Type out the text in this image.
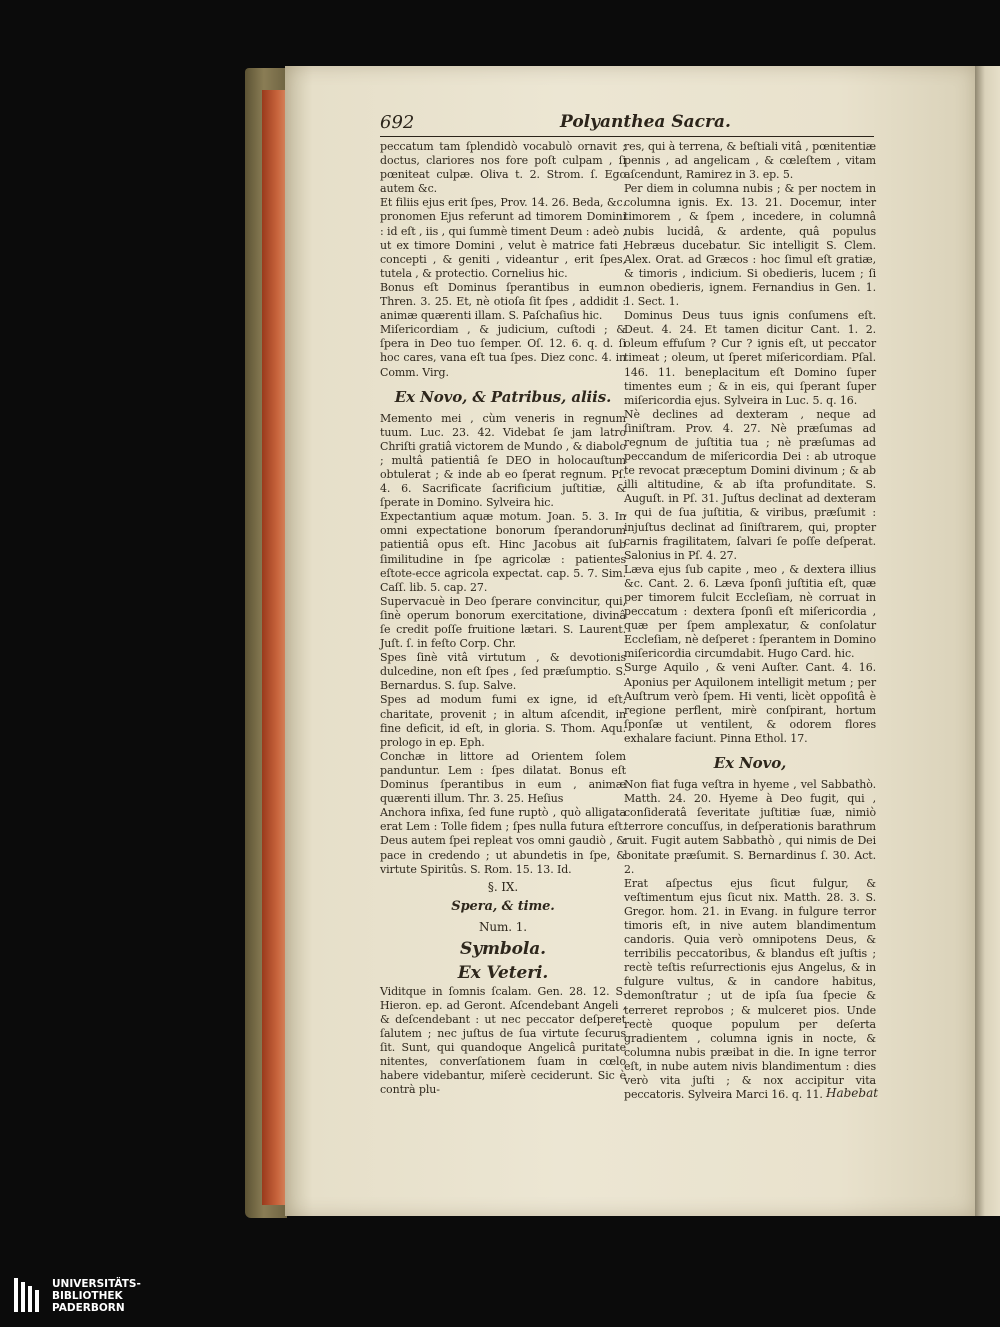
692	Polyanthea Sacra.

peccatum tam ſplendidò vocabulò ornavit ; doctus, clariores nos fore poſt culpam , ſi pœniteat culpæ. Oliva t. 2. Strom. ſ. Ego autem &c.

Et filiis ejus erit ſpes, Prov. 14. 26. Beda, &c. pronomen Ejus referunt ad timorem Domini : id eſt , iis , qui ſummè timent Deum : adeò , ut ex timore Domini , velut è matrice fati , concepti , & geniti , videantur , erit ſpes, tutela , & protectio. Cornelius hic.

Bonus eſt Dominus ſperantibus in eum. Thren. 3. 25. Et, nè otioſa ſit ſpes , addidit : animæ quærenti illam. S. Paſchaſius hic.

Miſericordiam , & judicium, cuſtodi ; & ſpera in Deo tuo ſemper. Oſ. 12. 6. q. d. ſi hoc cares, vana eſt tua ſpes. Diez conc. 4. in Comm. Virg.

Ex Novo, & Patribus, aliis.

Memento mei , cùm veneris in regnum tuum. Luc. 23. 42. Videbat ſe jam latro Chriſti gratiâ victorem de Mundo , & diabolo ; multâ patientiâ ſe DEO in holocauſtum obtulerat ; & inde ab eo ſperat regnum. Pſ. 4. 6. Sacrificate ſacrificium juſtitiæ, & ſperate in Domino. Sylveira hic.

Expectantium aquæ motum. Joan. 5. 3. In omni expectatione bonorum ſperandorum patientiâ opus eſt. Hinc Jacobus ait ſub ſimilitudine in ſpe agricolæ : patientes eſtote-ecce agricola expectat. cap. 5. 7. Sim. Caſſ. lib. 5. cap. 27.

Supervacuè in Deo ſperare convincitur, qui, ſinè operum bonorum exercitatione, divinâ ſe credit poſſe fruitione lætari. S. Laurent. Juſt. ſ. in feſto Corp. Chr.

Spes ſinè vitâ virtutum , & devotionis dulcedine, non eſt ſpes , ſed præſumptio. S. Bernardus. S. ſup. Salve.

Spes ad modum fumi ex igne, id eſt, charitate, provenit ; in altum aſcendit, in fine deficit, id eſt, in gloria. S. Thom. Aqu. prologo in ep. Eph.

Conchæ in littore ad Orientem ſolem panduntur. Lem : ſpes dilatat. Bonus eſt Dominus ſperantibus in eum , animæ quærenti illum. Thr. 3. 25. Heſius

Anchora infixa, ſed fune ruptò , quò alligata erat Lem : Tolle fidem ; ſpes nulla futura eſt. Deus autem ſpei repleat vos omni gaudiò , & pace in credendo ; ut abundetis in ſpe, & virtute Spiritûs. S. Rom. 15. 13. Id.

§. IX.

Spera, & time.

Num. 1.

Symbola.

Ex Veteri.

Viditque in ſomnis ſcalam. Gen. 28. 12. S. Hieron. ep. ad Geront. Aſcendebant Angeli , & deſcendebant : ut nec peccator deſperet ſalutem ; nec juſtus de ſua virtute ſecurus ſit. Sunt, qui quandoque Angelicâ puritate nitentes, converſationem ſuam in cœlo habere videbantur, miſerè ceciderunt. Sic è contrà plu-

res, qui à terrena, & beſtiali vitâ , pœnitentiæ pennis , ad angelicam , & cœleſtem , vitam aſcendunt, Ramirez in 3. ep. 5.

Per diem in columna nubis ; & per noctem in columna ignis. Ex. 13. 21. Docemur, inter timorem , & ſpem , incedere, in columnâ nubis lucidâ, & ardente, quâ populus Hebræus ducebatur. Sic intelligit S. Clem. Alex. Orat. ad Græcos : hoc ſimul eſt gratiæ, & timoris , indicium. Si obedieris, lucem ; ſi non obedieris, ignem. Fernandius in Gen. 1. 1. Sect. 1.

Dominus Deus tuus ignis conſumens eſt. Deut. 4. 24. Et tamen dicitur Cant. 1. 2. oleum effuſum ? Cur ? ignis eſt, ut peccator timeat ; oleum, ut ſperet miſericordiam. Pſal. 146. 11. beneplacitum eſt Domino ſuper timentes eum ; & in eis, qui ſperant ſuper miſericordia ejus. Sylveira in Luc. 5. q. 16.

Nè declines ad dexteram , neque ad ſiniſtram. Prov. 4. 27. Nè præſumas ad regnum de juſtitia tua ; nè præſumas ad peccandum de miſericordia Dei : ab utroque te revocat præceptum Domini divinum ; & ab illi altitudine, & ab iſta profunditate. S. Auguſt. in Pſ. 31. Juſtus declinat ad dexteram , qui de ſua juſtitia, & viribus, præſumit : injuſtus declinat ad ſiniſtrarem, qui, propter carnis fragilitatem, ſalvari ſe poſſe deſperat. Salonius in Pſ. 4. 27.

Læva ejus ſub capite , meo , & dextera illius &c. Cant. 2. 6. Læva ſponſi juſtitia eſt, quæ per timorem fulcit Eccleſiam, nè corruat in peccatum : dextera ſponſi eſt miſericordia , quæ per ſpem amplexatur, & conſolatur Eccleſiam, nè deſperet : ſperantem in Domino miſericordia circumdabit. Hugo Card. hic.

Surge Aquilo , & veni Auſter. Cant. 4. 16. Aponius per Aquilonem intelligit metum ; per Auſtrum verò ſpem. Hi venti, licèt oppoſitâ è regione perflent, mirè conſpirant, hortum ſponſæ ut ventilent, & odorem flores exhalare faciunt. Pinna Ethol. 17.

Ex Novo,

Non fiat fuga veſtra in hyeme , vel Sabbathò. Matth. 24. 20. Hyeme à Deo fugit, qui , conſideratâ ſeveritate juſtitiæ ſuæ, nimiò terrore concuſſus, in deſperationis barathrum ruit. Fugit autem Sabbathò , qui nimis de Dei bonitate præſumit. S. Bernardinus ſ. 30. Act. 2.

Erat aſpectus ejus ſicut fulgur, & veſtimentum ejus ſicut nix. Matth. 28. 3. S. Gregor. hom. 21. in Evang. in fulgure terror timoris eſt, in nive autem blandimentum candoris. Quia verò omnipotens Deus, & terribilis peccatoribus, & blandus eſt juſtis ; rectè teſtis reſurrectionis ejus Angelus, & in fulgure vultus, & in candore habitus, demonſtratur ; ut de ipſa ſua ſpecie & terreret reprobos ; & mulceret pios. Unde rectè quoque populum per deſerta gradientem , columna ignis in nocte, & columna nubis præibat in die. In igne terror eſt, in nube autem nivis blandimentum : dies verò vita juſti ; & nox accipitur vita peccatoris. Sylveira Marci 16. q. 11. Habebat
UNIVERSITÄTS-
BIBLIOTHEK
PADERBORN
